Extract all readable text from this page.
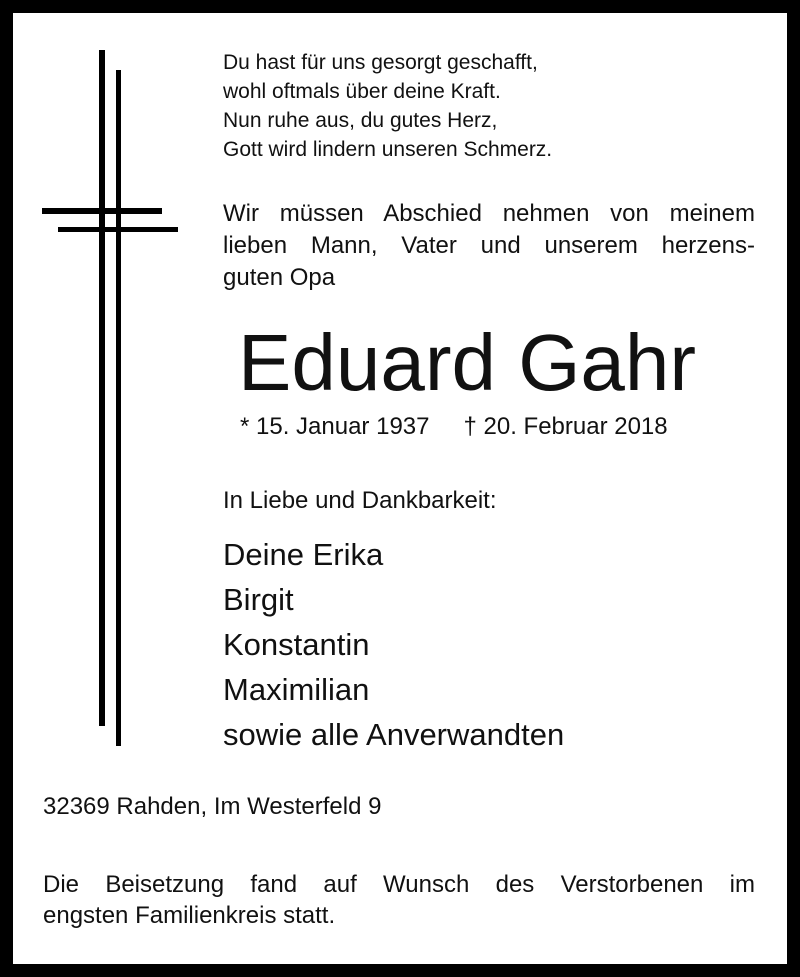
Du hast für uns gesorgt geschafft,
wohl oftmals über deine Kraft.
Nun ruhe aus, du gutes Herz,
Gott wird lindern unseren Schmerz.
Wir müssen Abschied nehmen von meinem
lieben Mann, Vater und unserem herzens-
guten Opa
Eduard Gahr
* 15. Januar 1937 † 20. Februar 2018
In Liebe und Dankbarkeit:
Deine Erika
Birgit
Konstantin
Maximilian
sowie alle Anverwandten
32369 Rahden, Im Westerfeld 9
Die Beisetzung fand auf Wunsch des Verstorbenen im
engsten Familienkreis statt.
